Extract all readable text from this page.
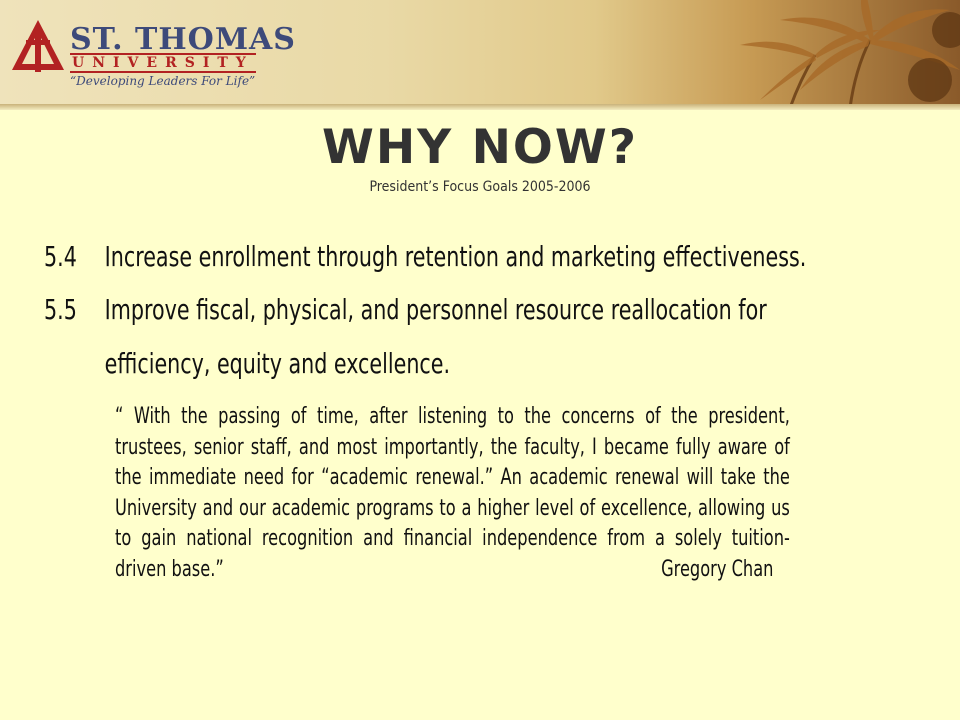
ST. THOMAS
UNIVERSITY
“Developing Leaders For Life”
WHY NOW?
President’s Focus Goals 2005-2006
5.4 Increase enrollment through retention and marketing effectiveness.
5.5 Improve fiscal, physical, and personnel resource reallocation for efficiency, equity and excellence.
“ With the passing of time, after listening to the concerns of the president, trustees, senior staff, and most importantly, the faculty, I became fully aware of the immediate need for “academic renewal.” An academic renewal will take the University and our academic programs to a higher level of excellence, allowing us to gain national recognition and financial independence from a solely tuition-driven base.”	Gregory Chan
